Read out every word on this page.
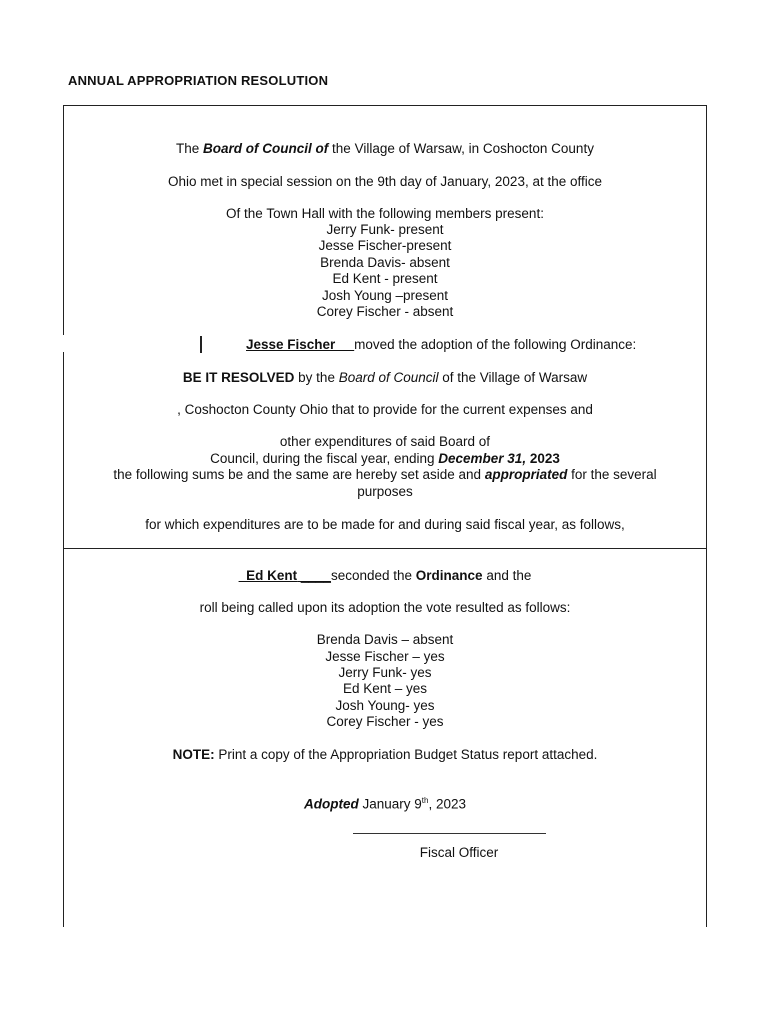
ANNUAL APPROPRIATION RESOLUTION
The Board of Council of the Village of Warsaw, in Coshocton County
Ohio met in special session on the 9th day of January, 2023, at the office
Of the Town Hall with the following members present:
Jerry Funk- present
Jesse Fischer-present
Brenda Davis- absent
Ed Kent - present
Josh Young –present
Corey Fischer - absent
Jesse Fischer __moved the adoption of the following Ordinance:
BE IT RESOLVED by the Board of Council of the Village of Warsaw
, Coshocton County Ohio that to provide for the current expenses and
other expenditures of said Board of
Council, during the fiscal year, ending December 31, 2023
the following sums be and the same are hereby set aside and appropriated for the several
purposes
for which expenditures are to be made for and during said fiscal year, as follows,
_Ed Kent ____seconded the Ordinance and the
roll being called upon its adoption the vote resulted as follows:
Brenda Davis – absent
Jesse Fischer – yes
Jerry Funk- yes
Ed Kent – yes
Josh Young- yes
Corey Fischer - yes
NOTE: Print a copy of the Appropriation Budget Status report attached.
Adopted January 9th, 2023
Fiscal Officer
